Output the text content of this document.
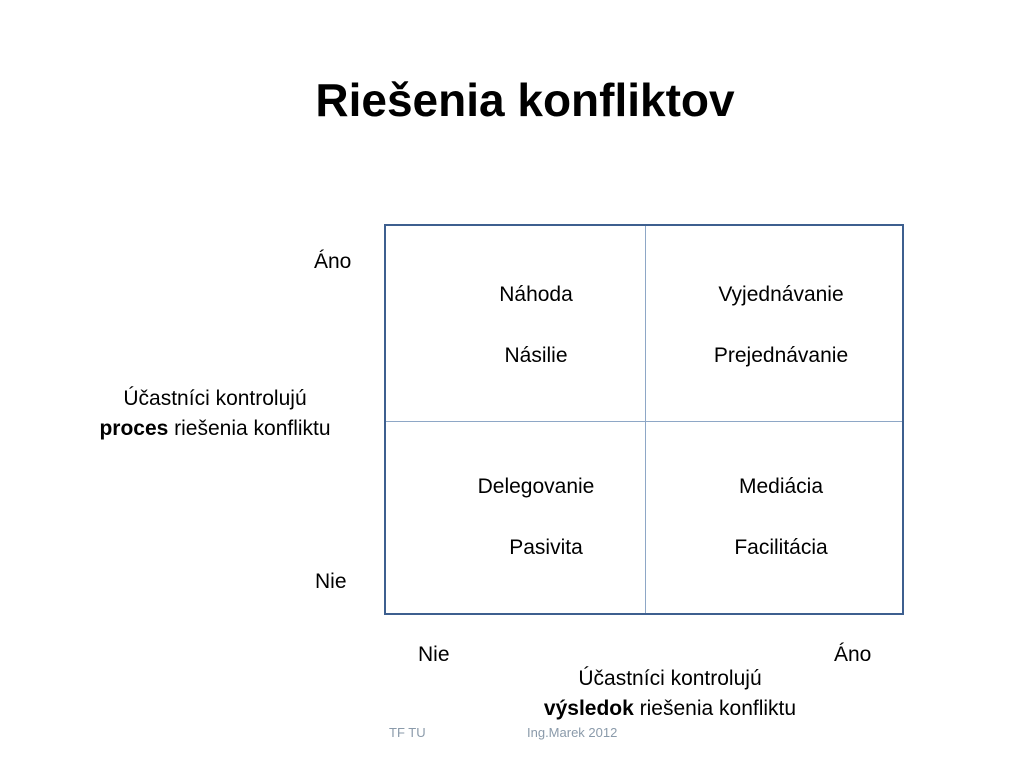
Riešenia konfliktov
Náhoda
Násilie
Vyjednávanie
Prejednávanie
Delegovanie
Pasivita
Mediácia
Facilitácia
Áno
Nie
Účastníci kontrolujú
proces riešenia konfliktu
Nie	Áno
Účastníci kontrolujú
výsledok riešenia konfliktu
TF TU	Ing.Marek 2012
